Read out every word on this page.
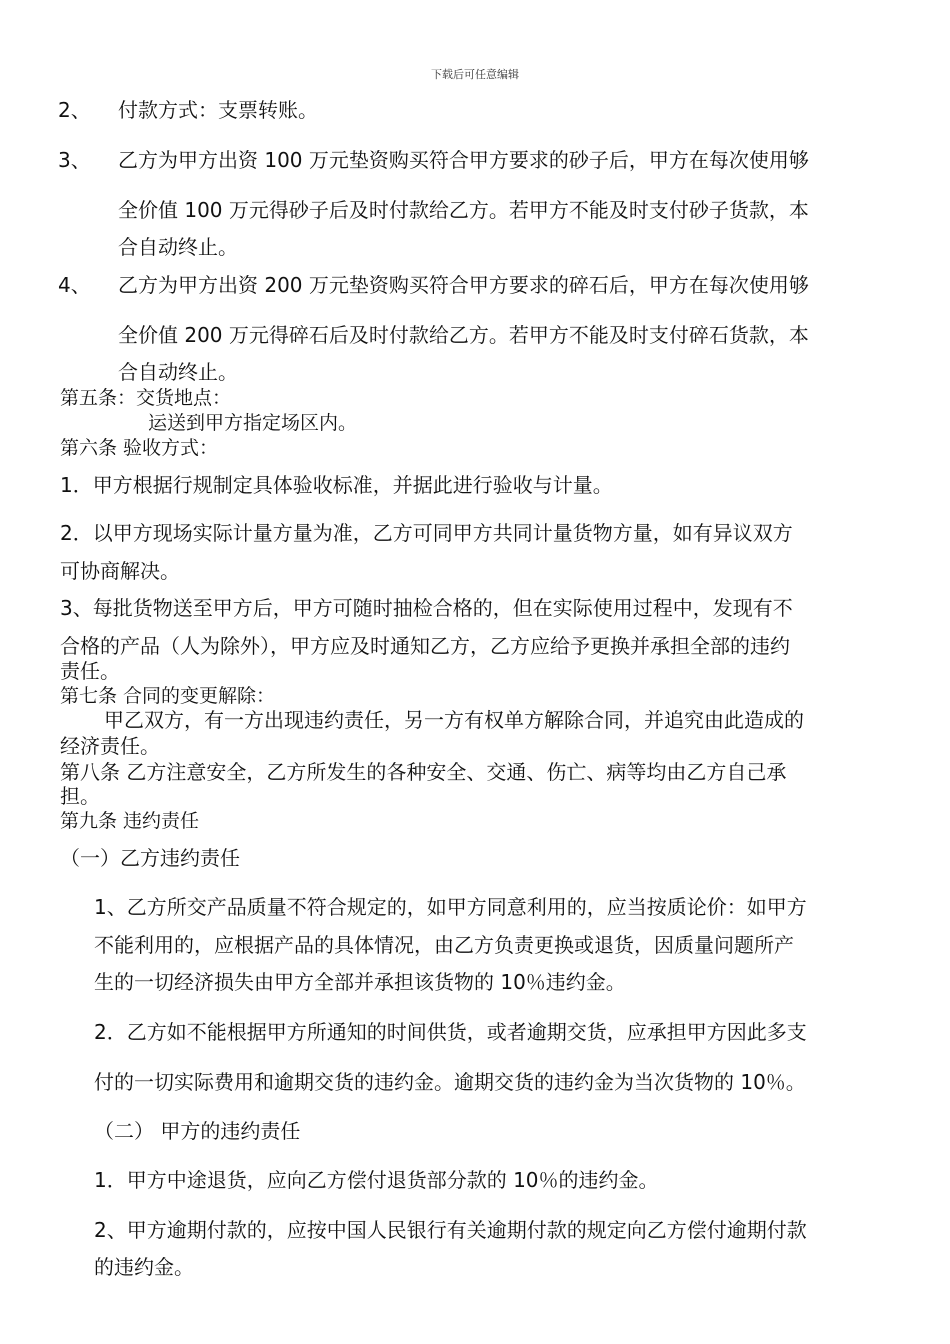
下载后可任意编辑
2、 付款方式：支票转账。
3、 乙方为甲方出资 100 万元垫资购买符合甲方要求的砂子后，甲方在每次使用够
全价值 100 万元得砂子后及时付款给乙方。若甲方不能及时支付砂子货款，本
合自动终止。
4、 乙方为甲方出资 200 万元垫资购买符合甲方要求的碎石后，甲方在每次使用够
全价值 200 万元得碎石后及时付款给乙方。若甲方不能及时支付碎石货款，本
合自动终止。
第五条：交货地点：
运送到甲方指定场区内。
第六条 验收方式：
1．甲方根据行规制定具体验收标准，并据此进行验收与计量。
2．以甲方现场实际计量方量为准，乙方可同甲方共同计量货物方量，如有异议双方
可协商解决。
3、每批货物送至甲方后，甲方可随时抽检合格的，但在实际使用过程中，发现有不
合格的产品（人为除外），甲方应及时通知乙方，乙方应给予更换并承担全部的违约
责任。
第七条 合同的变更解除：
甲乙双方，有一方出现违约责任，另一方有权单方解除合同，并追究由此造成的
经济责任。
第八条 乙方注意安全，乙方所发生的各种安全、交通、伤亡、病等均由乙方自己承
担。
第九条 违约责任
（一）乙方违约责任
1、乙方所交产品质量不符合规定的，如甲方同意利用的，应当按质论价：如甲方
不能利用的，应根据产品的具体情况，由乙方负责更换或退货，因质量问题所产
生的一切经济损失由甲方全部并承担该货物的 10％违约金。
2．乙方如不能根据甲方所通知的时间供货，或者逾期交货，应承担甲方因此多支
付的一切实际费用和逾期交货的违约金。逾期交货的违约金为当次货物的 10％。
（二） 甲方的违约责任
1．甲方中途退货，应向乙方偿付退货部分款的 10％的违约金。
2、甲方逾期付款的，应按中国人民银行有关逾期付款的规定向乙方偿付逾期付款
的违约金。
